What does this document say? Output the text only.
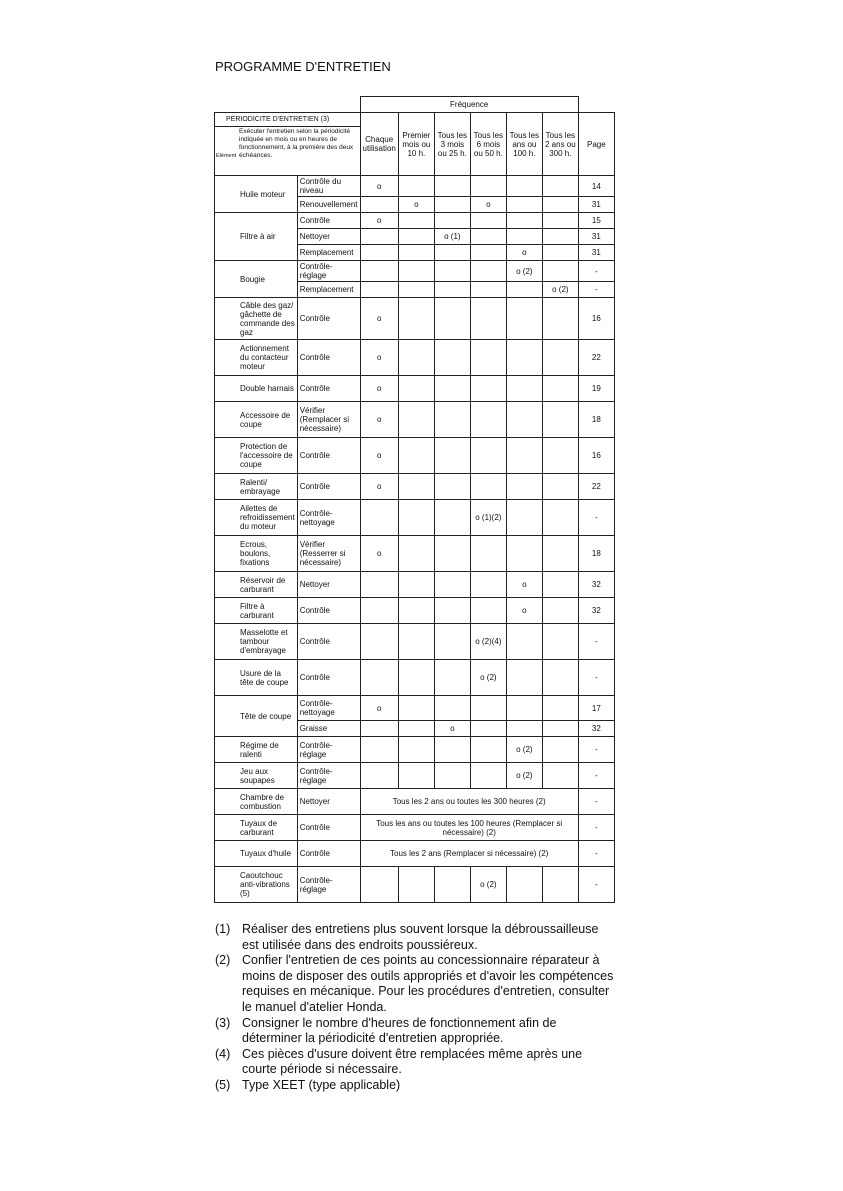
PROGRAMME D'ENTRETIEN
		Fréquence						

PERIODICITE D'ENTRETIEN (3)
Exécuter l'entretien selon la périodicité indiquée en mois ou en heures de fonctionnement, à la première des deux échéances.
Elément		Chaque utilisation	Premier mois ou 10 h.	Tous les 3 mois ou 25 h.	Tous les 6 mois ou 50 h.	Tous les ans ou 100 h.	Tous les 2 ans ou 300 h.	Page
Huile moteur	Contrôle du niveau	o						14
	Renouvellement		o		o			31
Filtre à air	Contrôle	o						15
	Nettoyer			o (1)				31
	Remplacement					o		31
Bougie	Contrôle-réglage					o (2)		-
	Remplacement						o (2)	-
Câble des gaz/ gâchette de commande des gaz	Contrôle	o						16
Actionnement du contacteur moteur	Contrôle	o						22
Double harnais	Contrôle	o						19
Accessoire de coupe	Vérifier (Remplacer si nécessaire)	o						18
Protection de l'accessoire de coupe	Contrôle	o						16
Ralenti/ embrayage	Contrôle	o						22
Ailettes de refroidissement du moteur	Contrôle-nettoyage				o (1)(2)			-
Ecrous, boulons, fixations	Vérifier (Resserrer si nécessaire)	o						18
Réservoir de carburant	Nettoyer					o		32
Filtre à carburant	Contrôle					o		32
Masselotte et tambour d'embrayage	Contrôle				o (2)(4)			-
Usure de la tête de coupe	Contrôle				o (2)			-
Tête de coupe	Contrôle-nettoyage	o						17
	Graisse			o				32
Régime de ralenti	Contrôle-réglage					o (2)		-
Jeu aux soupapes	Contrôle-réglage					o (2)		-
Chambre de combustion	Nettoyer	Tous les 2 ans ou toutes les 300 heures (2)						-
Tuyaux de carburant	Contrôle	Tous les ans ou toutes les 100 heures (Remplacer si nécessaire) (2)						-
Tuyaux d'huile	Contrôle	Tous les 2 ans (Remplacer si nécessaire) (2)						-
Caoutchouc anti-vibrations (5)	Contrôle-réglage				o (2)			-
(1) Réaliser des entretiens plus souvent lorsque la débroussailleuse est utilisée dans des endroits poussiéreux.
(2) Confier l'entretien de ces points au concessionnaire réparateur à moins de disposer des outils appropriés et d'avoir les compétences requises en mécanique. Pour les procédures d'entretien, consulter le manuel d'atelier Honda.
(3) Consigner le nombre d'heures de fonctionnement afin de déterminer la périodicité d'entretien appropriée.
(4) Ces pièces d'usure doivent être remplacées même après une courte période si nécessaire.
(5) Type XEET (type applicable)
